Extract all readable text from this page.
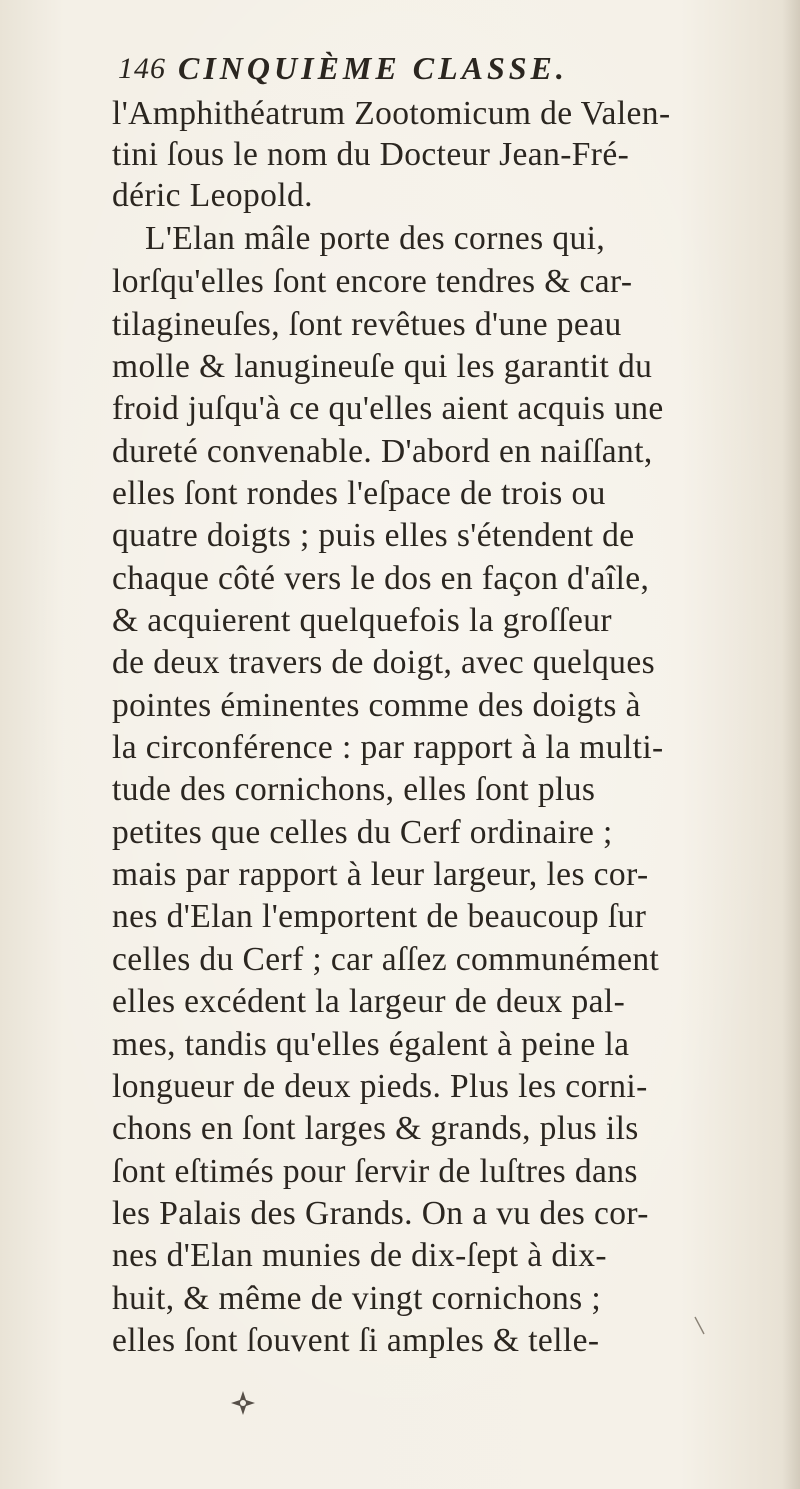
146 CINQUIÈME CLASSE.
l'Amphithéatrum Zootomicum de Valen-
tini ſous le nom du Docteur Jean-Fré-
déric Leopold.
L'Elan mâle porte des cornes qui,
lorſqu'elles ſont encore tendres & car-
tilagineuſes, ſont revêtues d'une peau
molle & lanugineuſe qui les garantit du
froid juſqu'à ce qu'elles aient acquis une
dureté convenable. D'abord en naiſſant,
elles ſont rondes l'eſpace de trois ou
quatre doigts ; puis elles s'étendent de
chaque côté vers le dos en façon d'aîle,
& acquierent quelquefois la groſſeur
de deux travers de doigt, avec quelques
pointes éminentes comme des doigts à
la circonférence : par rapport à la multi-
tude des cornichons, elles ſont plus
petites que celles du Cerf ordinaire ;
mais par rapport à leur largeur, les cor-
nes d'Elan l'emportent de beaucoup ſur
celles du Cerf ; car aſſez communément
elles excédent la largeur de deux pal-
mes, tandis qu'elles égalent à peine la
longueur de deux pieds. Plus les corni-
chons en ſont larges & grands, plus ils
ſont eſtimés pour ſervir de luſtres dans
les Palais des Grands. On a vu des cor-
nes d'Elan munies de dix-ſept à dix-
huit, & même de vingt cornichons ;
elles ſont ſouvent ſi amples & telle-
